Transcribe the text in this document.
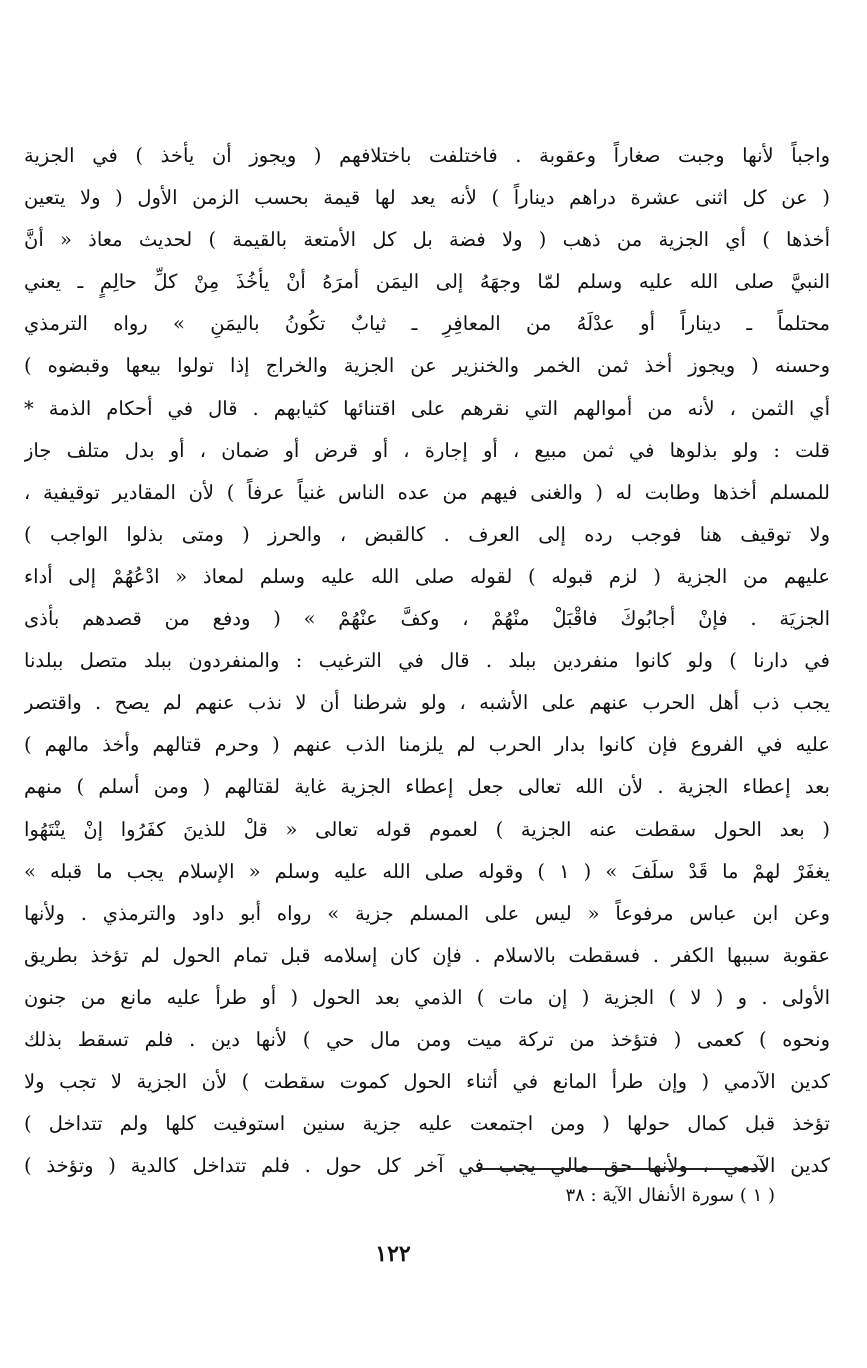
واجباً لأنها وجبت صغاراً وعقوبة . فاختلفت باختلافهم ( ويجوز أن يأخذ ) في الجزية
( عن كل اثنى عشرة دراهم ديناراً ) لأنه يعد لها قيمة بحسب الزمن الأول ( ولا يتعين
أخذها ) أي الجزية من ذهب ( ولا فضة بل كل الأمتعة بالقيمة ) لحديث معاذ « أنَّ
النبيَّ صلى الله عليه وسلم لمّا وجهَهُ إلى اليمَن أمرَهُ أنْ يأخُذَ مِنْ كلِّ حالِمٍ ـ يعني
محتلماً ـ ديناراً أو عدْلَهُ من المعافِرِ ـ ثيابٌ تكُونُ باليمَنِ » رواه الترمذي
وحسنه ( ويجوز أخذ ثمن الخمر والخنزير عن الجزية والخراج إذا تولوا بيعها وقبضوه )
أي الثمن ، لأنه من أموالهم التي نقرهم على اقتنائها كثيابهم . قال في أحكام الذمة *
قلت : ولو بذلوها في ثمن مبيع ، أو إجارة ، أو قرض أو ضمان ، أو بدل متلف جاز
للمسلم أخذها وطابت له ( والغنى فيهم من عده الناس غنياً عرفاً ) لأن المقادير توقيفية ،
ولا توقيف هنا فوجب رده إلى العرف . كالقبض ، والحرز ( ومتى بذلوا الواجب )
عليهم من الجزية ( لزم قبوله ) لقوله صلى الله عليه وسلم لمعاذ « ادْعُهُمْ إلى أداء
الجزيَة . فإنْ أجابُوكَ فاقْبَلْ منْهُمْ ، وكفَّ عنْهُمْ » ( ودفع من قصدهم بأذى
في دارنا ) ولو كانوا منفردين ببلد . قال في الترغيب : والمنفردون ببلد متصل ببلدنا
يجب ذب أهل الحرب عنهم على الأشبه ، ولو شرطنا أن لا نذب عنهم لم يصح . واقتصر
عليه في الفروع فإن كانوا بدار الحرب لم يلزمنا الذب عنهم ( وحرم قتالهم وأخذ مالهم )
بعد إعطاء الجزية . لأن الله تعالى جعل إعطاء الجزية غاية لقتالهم ( ومن أسلم ) منهم
( بعد الحول سقطت عنه الجزية ) لعموم قوله تعالى « قلْ للذينَ كفَرُوا إنْ ينْتَهُوا
يغفَرْ لهمْ ما قَدْ سلَفَ » ( ١ ) وقوله صلى الله عليه وسلم « الإسلام يجب ما قبله »
وعن ابن عباس مرفوعاً « ليس على المسلم جزية » رواه أبو داود والترمذي . ولأنها
عقوبة سببها الكفر . فسقطت بالاسلام . فإن كان إسلامه قبل تمام الحول لم تؤخذ بطريق
الأولى . و ( لا ) الجزية ( إن مات ) الذمي بعد الحول ( أو طرأ عليه مانع من جنون
ونحوه ) كعمى ( فتؤخذ من تركة ميت ومن مال حي ) لأنها دين . فلم تسقط بذلك
كدين الآدمي ( وإن طرأ المانع في أثناء الحول كموت سقطت ) لأن الجزية لا تجب ولا
تؤخذ قبل كمال حولها ( ومن اجتمعت عليه جزية سنين استوفيت كلها ولم تتداخل )
كدين الآدمي ، ولأنها حق مالي يجب في آخر كل حول . فلم تتداخل كالدية ( وتؤخذ )
( ١ ) سورة الأنفال الآية : ٣٨
١٢٢
